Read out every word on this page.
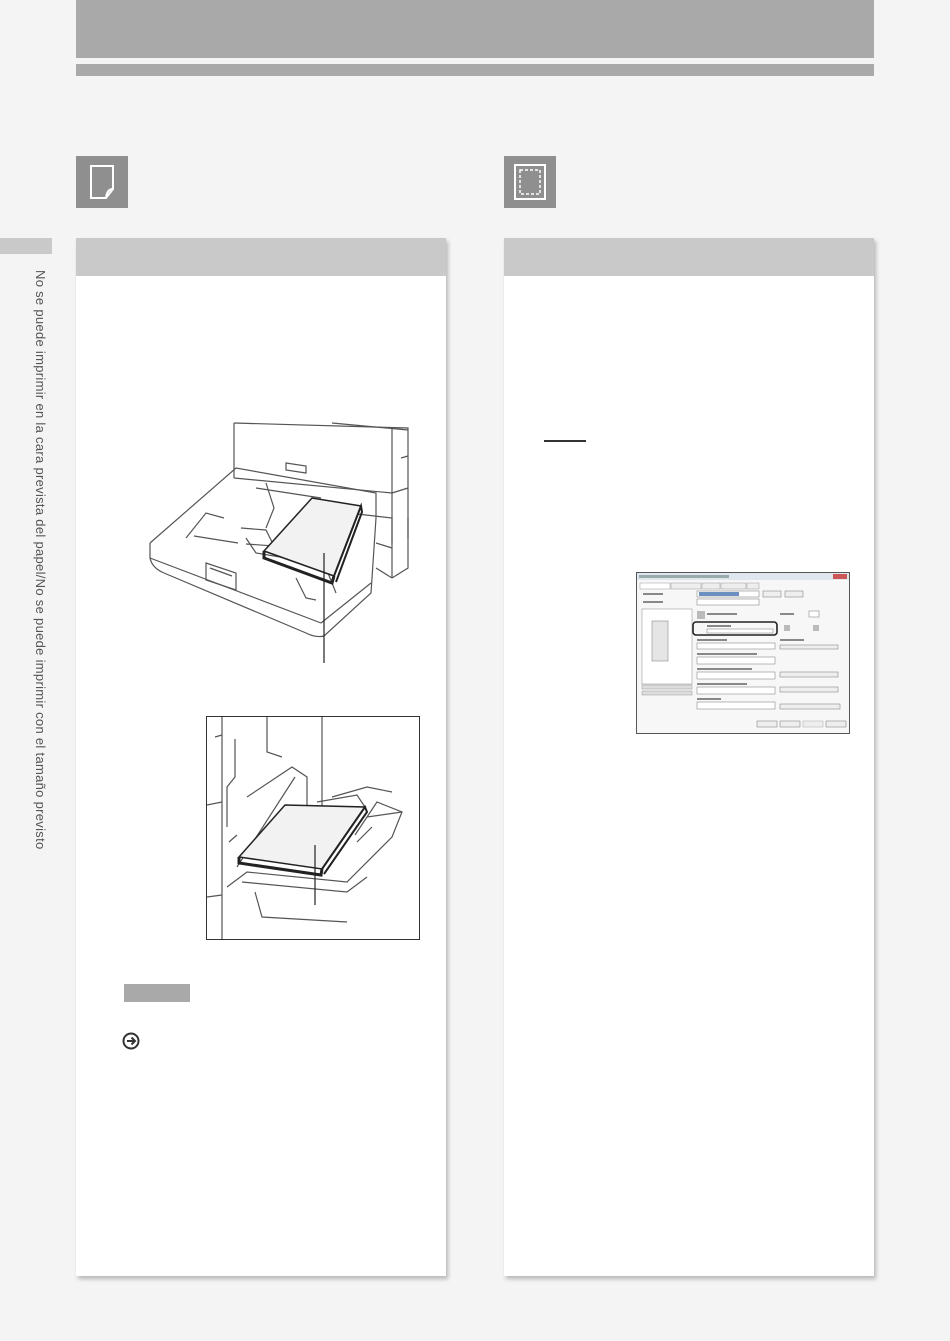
No se puede imprimir en la cara prevista del papel/No se puede imprimir con el tamaño previsto
